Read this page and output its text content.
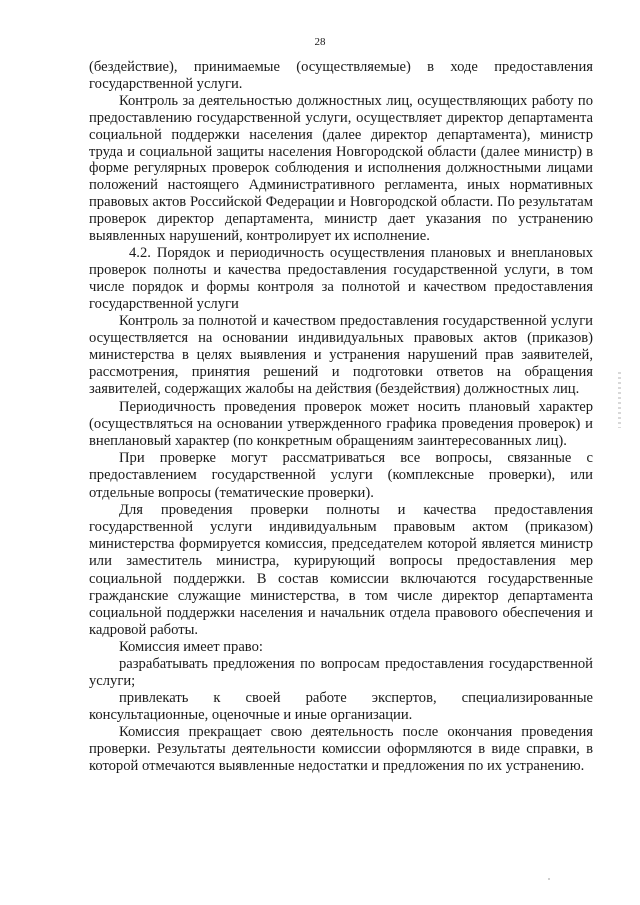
28

(бездействие), принимаемые (осуществляемые) в ходе предоставления государственной услуги.

Контроль за деятельностью должностных лиц, осуществляющих работу по предоставлению государственной услуги, осуществляет директор департамента социальной поддержки населения (далее директор департамента), министр труда и социальной защиты населения Новгородской области (далее министр) в форме регулярных проверок соблюдения и исполнения должностными лицами положений настоящего Административного регламента, иных нормативных правовых актов Российской Федерации и Новгородской области. По результатам проверок директор департамента, министр дает указания по устранению выявленных нарушений, контролирует их исполнение.

4.2. Порядок и периодичность осуществления плановых и внеплановых проверок полноты и качества предоставления государственной услуги, в том числе порядок и формы контроля за полнотой и качеством предоставления государственной услуги

Контроль за полнотой и качеством предоставления государственной услуги осуществляется на основании индивидуальных правовых актов (приказов) министерства в целях выявления и устранения нарушений прав заявителей, рассмотрения, принятия решений и подготовки ответов на обращения заявителей, содержащих жалобы на действия (бездействия) должностных лиц.

Периодичность проведения проверок может носить плановый характер (осуществляться на основании утвержденного графика проведения проверок) и внеплановый характер (по конкретным обращениям заинтересованных лиц).

При проверке могут рассматриваться все вопросы, связанные с предоставлением государственной услуги (комплексные проверки), или отдельные вопросы (тематические проверки).

Для проведения проверки полноты и качества предоставления государственной услуги индивидуальным правовым актом (приказом) министерства формируется комиссия, председателем которой является министр или заместитель министра, курирующий вопросы предоставления мер социальной поддержки. В состав комиссии включаются государственные гражданские служащие министерства, в том числе директор департамента социальной поддержки населения и начальник отдела правового обеспечения и кадровой работы.

Комиссия имеет право:

разрабатывать предложения по вопросам предоставления государственной услуги;

привлекать к своей работе экспертов, специализированные консультационные, оценочные и иные организации.

Комиссия прекращает свою деятельность после окончания проведения проверки. Результаты деятельности комиссии оформляются в виде справки, в которой отмечаются выявленные недостатки и предложения по их устранению.
